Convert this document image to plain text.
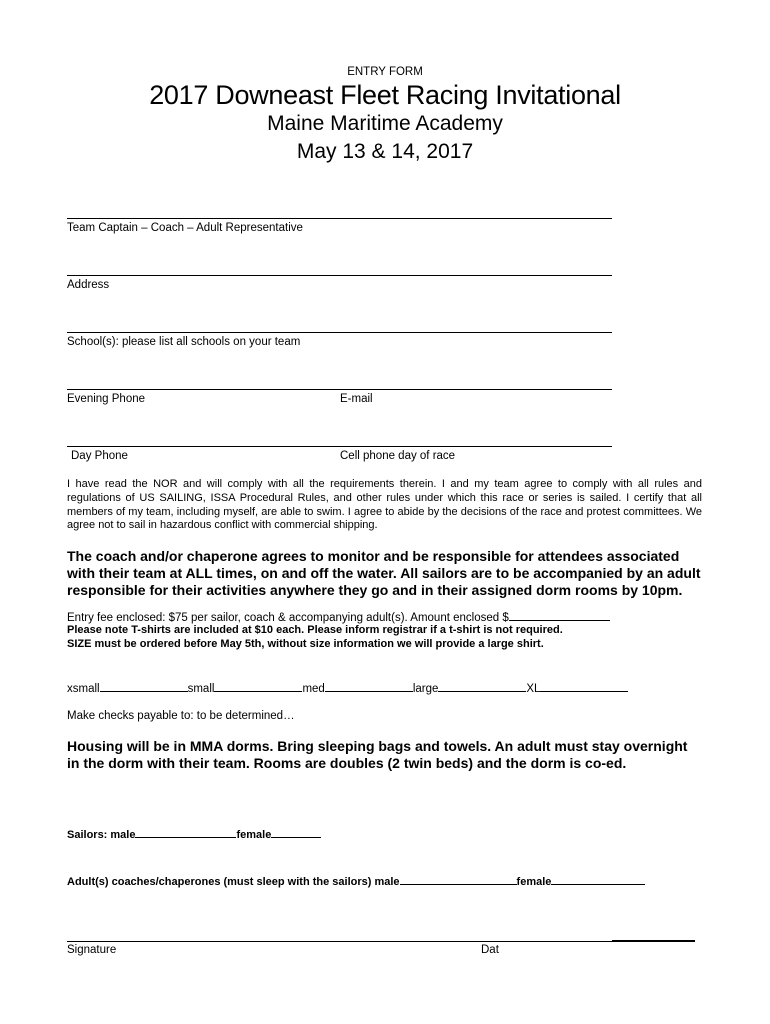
ENTRY FORM
2017 Downeast Fleet Racing Invitational
Maine Maritime Academy
May 13 & 14, 2017
Team Captain – Coach – Adult Representative
Address
School(s): please list all schools on your team
Evening Phone	E-mail
Day Phone	Cell phone day of race
I have read the NOR and will comply with all the requirements therein. I and my team agree to comply with all rules and regulations of US SAILING, ISSA Procedural Rules, and other rules under which this race or series is sailed. I certify that all members of my team, including myself, are able to swim. I agree to abide by the decisions of the race and protest committees. We agree not to sail in hazardous conflict with commercial shipping.
The coach and/or chaperone agrees to monitor and be responsible for attendees associated with their team at ALL times, on and off the water. All sailors are to be accompanied by an adult responsible for their activities anywhere they go and in their assigned dorm rooms by 10pm.
Entry fee enclosed: $75 per sailor, coach & accompanying adult(s). Amount enclosed $
Please note T-shirts are included at $10 each. Please inform registrar if a t-shirt is not required.
SIZE must be ordered before May 5th, without size information we will provide a large shirt.
xsmall	small	med	large	XL
Make checks payable to: to be determined…
Housing will be in MMA dorms. Bring sleeping bags and towels. An adult must stay overnight in the dorm with their team. Rooms are doubles (2 twin beds) and the dorm is co-ed.
Sailors: male	female
Adult(s) coaches/chaperones (must sleep with the sailors) male	female
Signature	Dat
